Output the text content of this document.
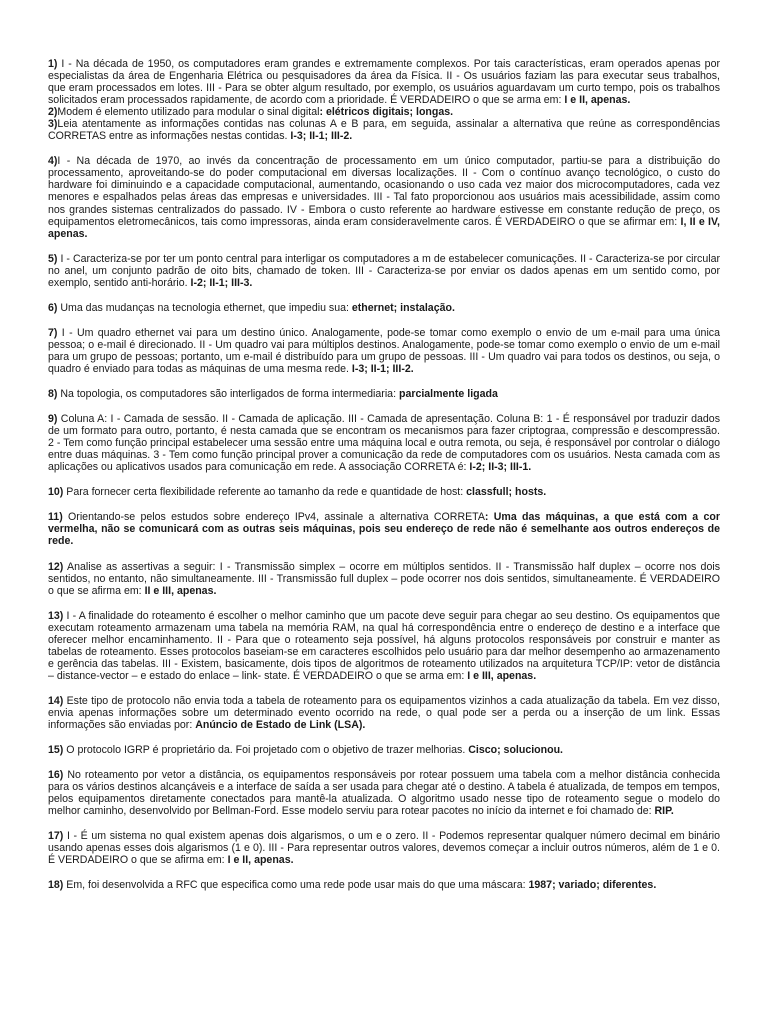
1) I - Na década de 1950, os computadores eram grandes e extremamente complexos. Por tais características, eram operados apenas por especialistas da área de Engenharia Elétrica ou pesquisadores da área da Física. II - Os usuários faziam las para executar seus trabalhos, que eram processados em lotes. III - Para se obter algum resultado, por exemplo, os usuários aguardavam um curto tempo, pois os trabalhos solicitados eram processados rapidamente, de acordo com a prioridade. É VERDADEIRO o que se arma em: I e II, apenas.

2)Modem é elemento utilizado para modular o sinal digital: elétricos digitais; longas.

3)Leia atentamente as informações contidas nas colunas A e B para, em seguida, assinalar a alternativa que reúne as correspondências CORRETAS entre as informações nestas contidas. I-3; II-1; III-2.

4)I - Na década de 1970, ao invés da concentração de processamento em um único computador, partiu-se para a distribuição do processamento, aproveitando-se do poder computacional em diversas localizações. II - Com o contínuo avanço tecnológico, o custo do hardware foi diminuindo e a capacidade computacional, aumentando, ocasionando o uso cada vez maior dos microcomputadores, cada vez menores e espalhados pelas áreas das empresas e universidades. III - Tal fato proporcionou aos usuários mais acessibilidade, assim como nos grandes sistemas centralizados do passado. IV - Embora o custo referente ao hardware estivesse em constante redução de preço, os equipamentos eletromecânicos, tais como impressoras, ainda eram consideravelmente caros. É VERDADEIRO o que se afirmar em: I, II e IV, apenas.

5) I - Caracteriza-se por ter um ponto central para interligar os computadores a m de estabelecer comunicações. II - Caracteriza-se por circular no anel, um conjunto padrão de oito bits, chamado de token. III - Caracteriza-se por enviar os dados apenas em um sentido como, por exemplo, sentido anti-horário. I-2; II-1; III-3.

6) Uma das mudanças na tecnologia ethernet, que impediu sua: ethernet; instalação.

7) I - Um quadro ethernet vai para um destino único. Analogamente, pode-se tomar como exemplo o envio de um e-mail para uma única pessoa; o e-mail é direcionado. II - Um quadro vai para múltiplos destinos. Analogamente, pode-se tomar como exemplo o envio de um e-mail para um grupo de pessoas; portanto, um e-mail é distribuído para um grupo de pessoas. III - Um quadro vai para todos os destinos, ou seja, o quadro é enviado para todas as máquinas de uma mesma rede. I-3; II-1; III-2.

8) Na topologia, os computadores são interligados de forma intermediaria: parcialmente ligada

9) Coluna A: I - Camada de sessão. II - Camada de aplicação. III - Camada de apresentação. Coluna B: 1 - É responsável por traduzir dados de um formato para outro, portanto, é nesta camada que se encontram os mecanismos para fazer criptograa, compressão e descompressão. 2 - Tem como função principal estabelecer uma sessão entre uma máquina local e outra remota, ou seja, é responsável por controlar o diálogo entre duas máquinas. 3 - Tem como função principal prover a comunicação da rede de computadores com os usuários. Nesta camada com as aplicações ou aplicativos usados para comunicação em rede. A associação CORRETA é: I-2; II-3; III-1.

10) Para fornecer certa flexibilidade referente ao tamanho da rede e quantidade de host: classfull; hosts.

11) Orientando-se pelos estudos sobre endereço IPv4, assinale a alternativa CORRETA: Uma das máquinas, a que está com a cor vermelha, não se comunicará com as outras seis máquinas, pois seu endereço de rede não é semelhante aos outros endereços de rede.

12) Analise as assertivas a seguir: I - Transmissão simplex – ocorre em múltiplos sentidos. II - Transmissão half duplex – ocorre nos dois sentidos, no entanto, não simultaneamente. III - Transmissão full duplex – pode ocorrer nos dois sentidos, simultaneamente. É VERDADEIRO o que se afirma em: II e III, apenas.

13) I - A finalidade do roteamento é escolher o melhor caminho que um pacote deve seguir para chegar ao seu destino. Os equipamentos que executam roteamento armazenam uma tabela na memória RAM, na qual há correspondência entre o endereço de destino e a interface que oferecer melhor encaminhamento. II - Para que o roteamento seja possível, há alguns protocolos responsáveis por construir e manter as tabelas de roteamento. Esses protocolos baseiam-se em caracteres escolhidos pelo usuário para dar melhor desempenho ao armazenamento e gerência das tabelas. III - Existem, basicamente, dois tipos de algoritmos de roteamento utilizados na arquitetura TCP/IP: vetor de distância – distance-vector – e estado do enlace – link- state. É VERDADEIRO o que se arma em: I e III, apenas.

14) Este tipo de protocolo não envia toda a tabela de roteamento para os equipamentos vizinhos a cada atualização da tabela. Em vez disso, envia apenas informações sobre um determinado evento ocorrido na rede, o qual pode ser a perda ou a inserção de um link. Essas informações são enviadas por: Anúncio de Estado de Link (LSA).

15) O protocolo IGRP é proprietário da. Foi projetado com o objetivo de trazer melhorias. Cisco; solucionou.

16) No roteamento por vetor a distância, os equipamentos responsáveis por rotear possuem uma tabela com a melhor distância conhecida para os vários destinos alcançáveis e a interface de saída a ser usada para chegar até o destino. A tabela é atualizada, de tempos em tempos, pelos equipamentos diretamente conectados para mantê-la atualizada. O algoritmo usado nesse tipo de roteamento segue o modelo do melhor caminho, desenvolvido por Bellman-Ford. Esse modelo serviu para rotear pacotes no início da internet e foi chamado de: RIP.

17) I - É um sistema no qual existem apenas dois algarismos, o um e o zero. II - Podemos representar qualquer número decimal em binário usando apenas esses dois algarismos (1 e 0). III - Para representar outros valores, devemos começar a incluir outros números, além de 1 e 0. É VERDADEIRO o que se afirma em: I e II, apenas.

18) Em, foi desenvolvida a RFC que especifica como uma rede pode usar mais do que uma máscara: 1987; variado; diferentes.
